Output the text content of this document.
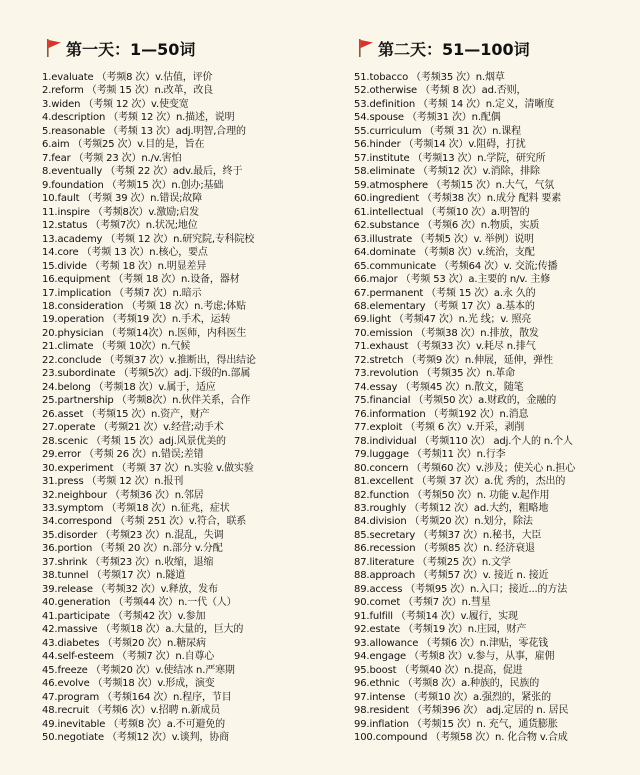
第一天：1—50词
1.evaluate （考频8 次）v.估值，评价
2.reform （考频 15 次）n.改革，改良
3.widen （考频 12 次）v.使变宽
4.description （考频 12 次）n.描述，说明
5.reasonable （考频 13 次）adj.明智,合理的
6.aim （考频25 次）v.目的是，旨在
7.fear （考频 23 次）n./v.害怕
8.eventually （考频 22 次）adv.最后，终于
9.foundation （考频15 次）n.创办;基础
10.fault （考频 39 次）n.错误;故障
11.inspire （考频8次）v.激励;启发
12.status （考频7次）n.状况;地位
13.academy （考频 12 次）n.研究院,专科院校
14.core （考频 13 次）n.核心，要点
15.divide （考频 18 次）n.明显差异
16.equipment （考频 18 次）n.设备，器材
17.implication （考频7 次）n.暗示
18.consideration （考频 18 次）n.考虑;体贴
19.operation （考频19 次）n.手术，运转
20.physician （考频14次）n.医师，内科医生
21.climate （考频 10次）n.气候
22.conclude （考频37 次）v.推断出，得出结论
23.subordinate （考频5次）adj.下级的n.部属
24.belong （考频18 次）v.属于，适应
25.partnership （考频8次）n.伙伴关系，合作
26.asset （考频15 次）n.资产，财产
27.operate （考频21 次）v.经营;动手术
28.scenic （考频 15 次）adj.风景优美的
29.error （考频 26 次）n.错误;差错
30.experiment （考频 37 次）n.实验 v.做实验
31.press （考频 12 次）n.报刊
32.neighbour （考频36 次）n.邻居
33.symptom （考频18 次）n.征兆，症状
34.correspond （考频 251 次）v.符合，联系
35.disorder （考频23 次）n.混乱，失调
36.portion （考频 20 次）n.部分 v.分配
37.shrink （考频23 次）n.收缩，退缩
38.tunnel （考频17 次）n.隧道
39.release （考频32 次）v.释放，发布
40.generation （考频44 次）n.一代（人）
41.participate （考频42 次）v.参加
42.massive （考频18 次）a.大量的，巨大的
43.diabetes （考频20 次）n.糖尿病
44.self-esteem （考频7 次）n.自尊心
45.freeze （考频20 次）v.使结冰 n.严寒期
46.evolve （考频18 次）v.形成，演变
47.program （考频164 次）n.程序，节目
48.recruit （考频6 次）v.招聘 n.新成员
49.inevitable （考频8 次）a.不可避免的
50.negotiate （考频12 次）v.谈判，协商
第二天：51—100词
51.tobacco （考频35 次）n.烟草
52.otherwise （考频 8 次）ad.否则，
53.definition （考频 14 次）n.定义，清晰度
54.spouse （考频31 次）n.配偶
55.curriculum （考频 31 次）n.课程
56.hinder （考频14 次）v.阻碍，打扰
57.institute （考频13 次）n.学院，研究所
58.eliminate （考频12 次）v.消除，排除
59.atmosphere （考频15 次）n.大气，气氛
60.ingredient （考频38 次）n.成分 配料 要素
61.intellectual （考频10 次）a.明智的
62.substance （考频6 次）n.物质，实质
63.illustrate （考频5 次）v. 举例）说明
64.dominate （考频8 次）v.统治，支配
65.communicate （考频64 次）v. 交流;传播
66.major （考频 53 次）a.主要的 n/v. 主修
67.permanent （考频 15 次）a.永 久的
68.elementary （考频 17 次）a.基本的
69.light （考频47 次）n.光 线；v. 照亮
70.emission （考频38 次）n.排放，散发
71.exhaust （考频33 次）v.耗尽 n.排气
72.stretch （考频9 次）n.伸展，延伸，弹性
73.revolution （考频35 次）n.革命
74.essay （考频45 次）n.散文，随笔
75.financial （考频50 次）a.财政的，金融的
76.information （考频192 次）n.消息
77.exploit （考频 6 次）v.开采，剥削
78.individual （考频110 次） adj.个人的 n.个人
79.luggage （考频11 次）n.行李
80.concern （考频60 次）v.涉及；使关心 n.担心
81.excellent （考频 37 次）a.优 秀的，杰出的
82.function （考频50 次）n. 功能 v.起作用
83.roughly （考频12 次）ad.大约，粗略地
84.division （考频20 次）n.划分，除法
85.secretary （考频37 次）n.秘书，大臣
86.recession （考频85 次）n. 经济衰退
87.literature （考频25 次）n.文学
88.approach （考频57 次）v. 接近 n. 接近
89.access （考频95 次）n.入口；接近...的方法
90.comet （考频7 次）n.彗星
91.fulfill （考频14 次）v.履行，实现
92.estate （考频19 次）n.庄园，财产
93.allowance （考频6 次）n.津贴，零花钱
94.engage （考频8 次）v.参与，从事，雇佣
95.boost （考频40 次）n.提高，促进
96.ethnic （考频8 次）a.种族的，民族的
97.intense （考频10 次）a.强烈的，紧张的
98.resident （考频396 次） adj.定居的 n. 居民
99.inflation （考频15 次）n. 充气，通货膨胀
100.compound （考频58 次）n. 化合物 v.合成
